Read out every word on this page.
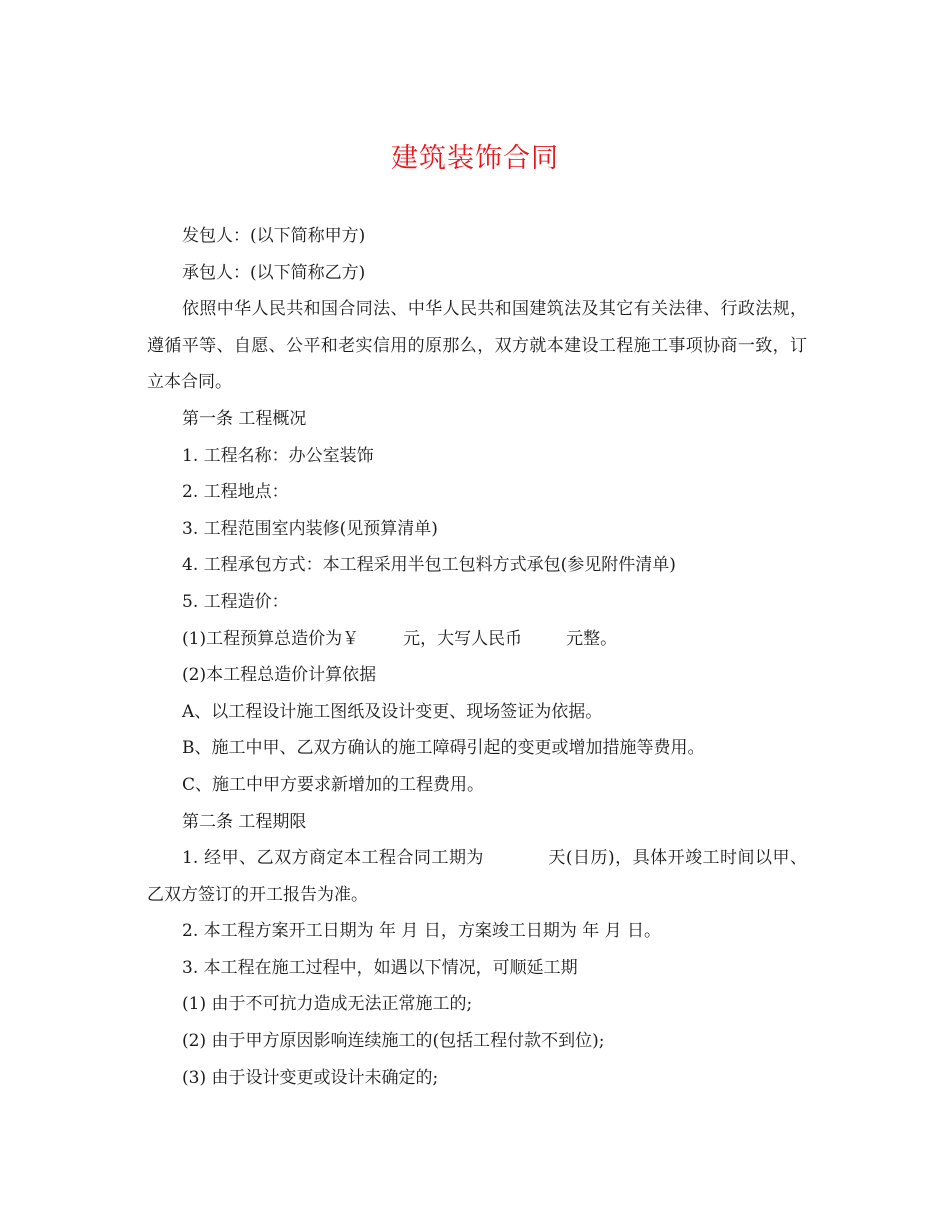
建筑装饰合同

发包人：(以下简称甲方)

承包人：(以下简称乙方)

依照中华人民共和国合同法、中华人民共和国建筑法及其它有关法律、行政法规，遵循平等、自愿、公平和老实信用的原那么，双方就本建设工程施工事项协商一致，订立本合同。

第一条 工程概况

1. 工程名称：办公室装饰

2. 工程地点：

3. 工程范围室内装修(见预算清单)

4. 工程承包方式：本工程采用半包工包料方式承包(参见附件清单)

5. 工程造价：

(1)工程预算总造价为￥	元，大写人民币	元整。

(2)本工程总造价计算依据

A、以工程设计施工图纸及设计变更、现场签证为依据。

B、施工中甲、乙双方确认的施工障碍引起的变更或增加措施等费用。

C、施工中甲方要求新增加的工程费用。

第二条 工程期限

1. 经甲、乙双方商定本工程合同工期为	天(日历)，具体开竣工时间以甲、乙双方签订的开工报告为准。

2. 本工程方案开工日期为 年 月 日，方案竣工日期为 年 月 日。

3. 本工程在施工过程中，如遇以下情况，可顺延工期

(1) 由于不可抗力造成无法正常施工的;

(2) 由于甲方原因影响连续施工的(包括工程付款不到位);

(3) 由于设计变更或设计未确定的;
